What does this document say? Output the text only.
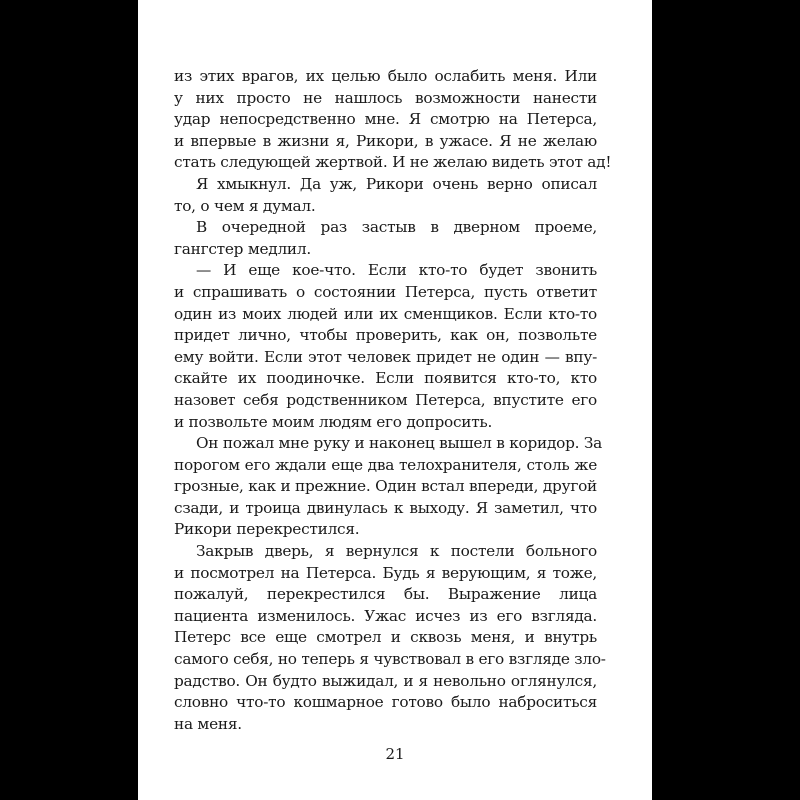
из этих врагов, их целью было ослабить меня. Или
у них просто не нашлось возможности нанести
удар непосредственно мне. Я смотрю на Петерса,
и впервые в жизни я, Рикори, в ужасе. Я не желаю
стать следующей жертвой. И не желаю видеть этот ад!
Я хмыкнул. Да уж, Рикори очень верно описал
то, о чем я думал.
В очередной раз застыв в дверном проеме,
гангстер медлил.
— И еще кое-что. Если кто-то будет звонить
и спрашивать о состоянии Петерса, пусть ответит
один из моих людей или их сменщиков. Если кто-то
придет лично, чтобы проверить, как он, позвольте
ему войти. Если этот человек придет не один — впу-
скайте их поодиночке. Если появится кто-то, кто
назовет себя родственником Петерса, впустите его
и позвольте моим людям его допросить.
Он пожал мне руку и наконец вышел в коридор. За
порогом его ждали еще два телохранителя, столь же
грозные, как и прежние. Один встал впереди, другой
сзади, и троица двинулась к выходу. Я заметил, что
Рикори перекрестился.
Закрыв дверь, я вернулся к постели больного
и посмотрел на Петерса. Будь я верующим, я тоже,
пожалуй, перекрестился бы. Выражение лица
пациента изменилось. Ужас исчез из его взгляда.
Петерс все еще смотрел и сквозь меня, и внутрь
самого себя, но теперь я чувствовал в его взгляде зло-
радство. Он будто выжидал, и я невольно оглянулся,
словно что-то кошмарное готово было наброситься
на меня.
21
